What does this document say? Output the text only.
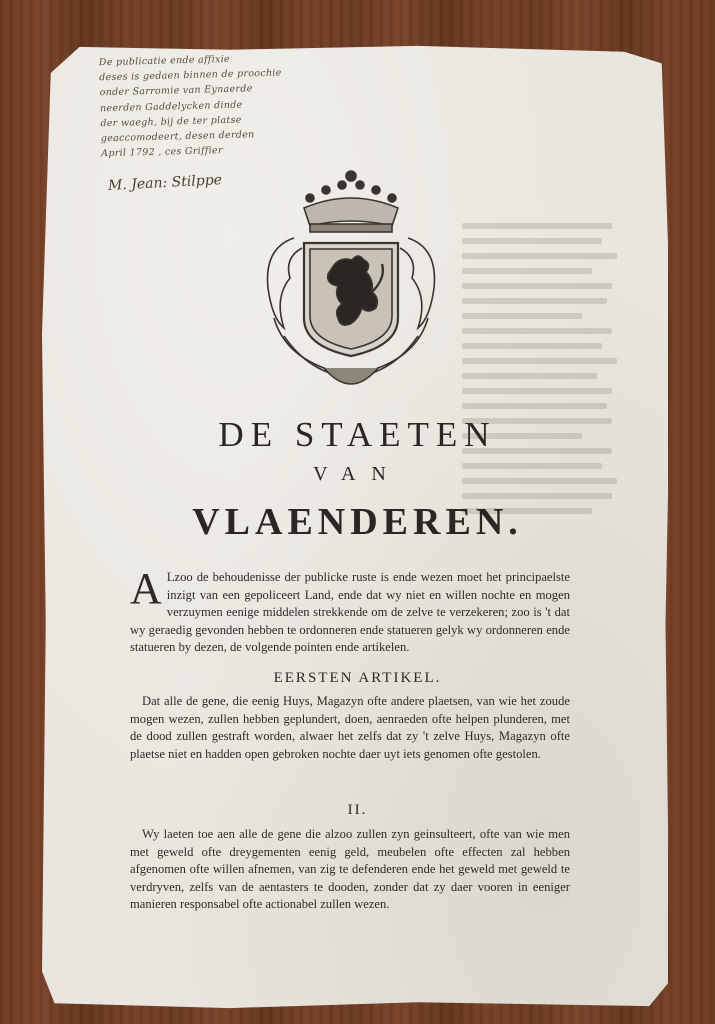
De publicatie ende affixie
deses is gedaen binnen de proochie
onder Sarromie van Eynaerde
neerden Gaddelycken dinde
der waegh, bij de ter platse
geaccomodeert, desen derden
April 1792 , ces Griffier
M. Jean: Stilppe
DE STAETEN
VAN
VLAENDEREN.
A Lzoo de behoudenisse der publicke ruste is ende wezen moet het principaelste inzigt van een gepoliceert Land, ende dat wy niet en willen nochte en mogen verzuymen eenige middelen strekkende om de zelve te verzekeren; zoo is 't dat wy geraedig gevonden hebben te ordonneren ende statueren gelyk wy ordonneren ende statueren by dezen, de volgende pointen ende artikelen.
EERSTEN ARTIKEL.
Dat alle de gene, die eenig Huys, Magazyn ofte andere plaetsen, van wie het zoude mogen wezen, zullen hebben geplundert, doen, aenraeden ofte helpen plunderen, met de dood zullen gestraft worden, alwaer het zelfs dat zy 't zelve Huys, Magazyn ofte plaetse niet en hadden open gebroken nochte daer uyt iets genomen ofte gestolen.
II.
Wy laeten toe aen alle de gene die alzoo zullen zyn geinsulteert, ofte van wie men met geweld ofte dreygementen eenig geld, meubelen ofte effecten zal hebben afgenomen ofte willen afnemen, van zig te defenderen ende het geweld met geweld te verdryven, zelfs van de aentasters te dooden, zonder dat zy daer vooren in eeniger manieren responsabel ofte actionabel zullen wezen.
